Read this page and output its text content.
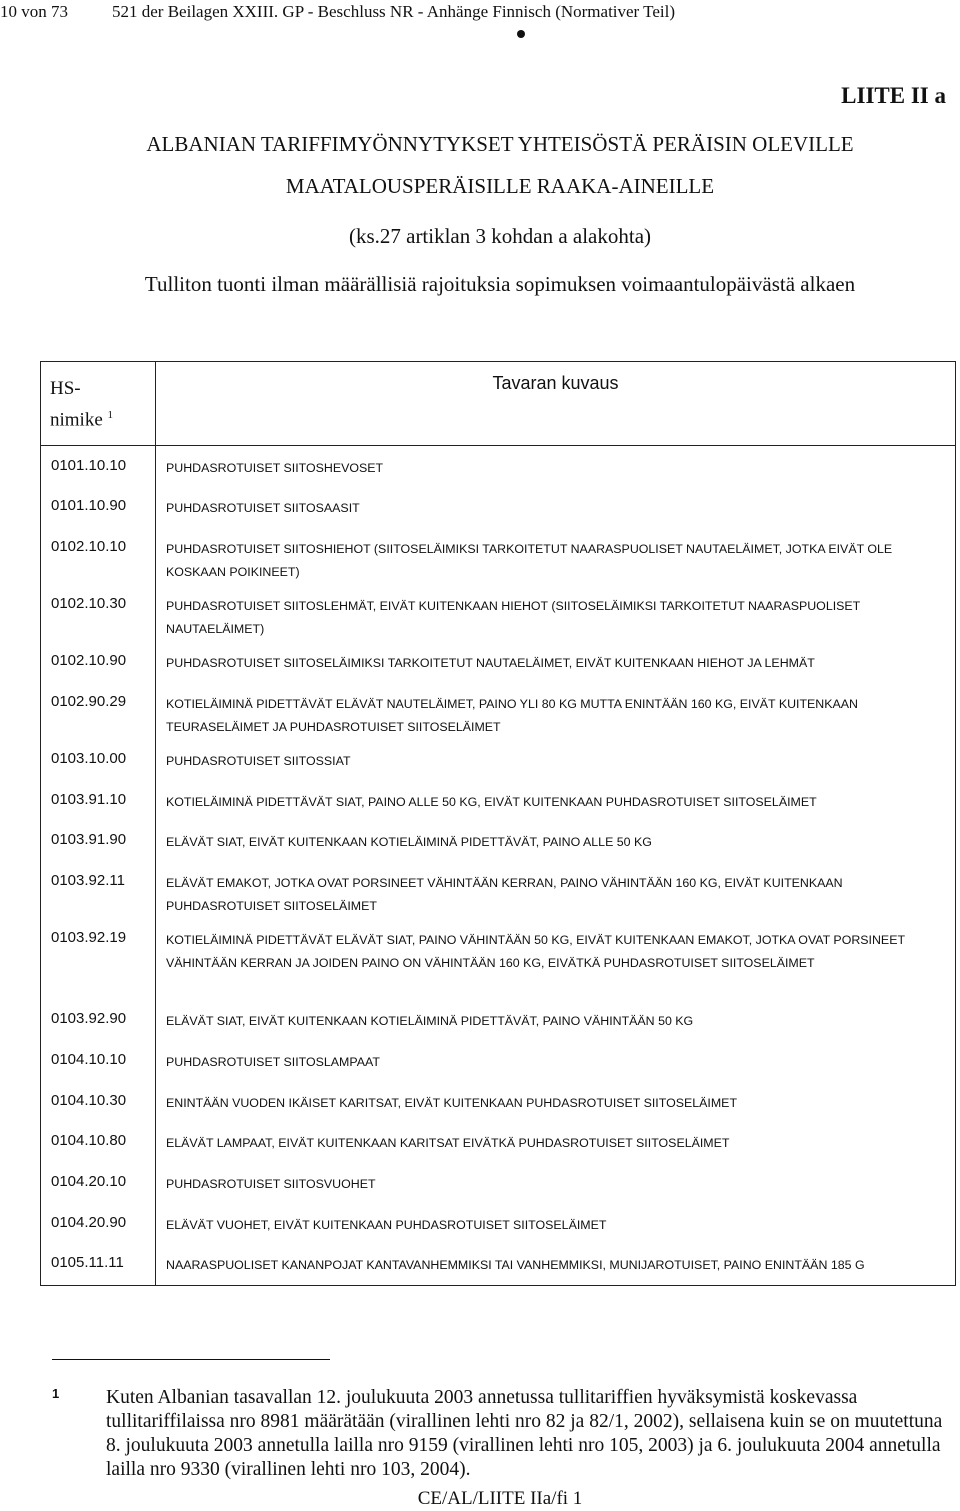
10 von 73	521 der Beilagen XXIII. GP - Beschluss NR - Anhänge Finnisch (Normativer Teil)
LIITE II a
ALBANIAN TARIFFIMYÖNNYTYKSET YHTEISÖSTÄ PERÄISIN OLEVILLE
MAATALOUSPERÄISILLE RAAKA-AINEILLE
(ks.27 artiklan 3 kohdan a alakohta)
Tulliton tuonti ilman määrällisiä rajoituksia sopimuksen voimaantulopäivästä alkaen
HS-
nimike $^1$
Tavaran kuvaus
0101.10.10	PUHDASROTUISET SIITOSHEVOSET
0101.10.90	PUHDASROTUISET SIITOSAASIT
0102.10.10	PUHDASROTUISET SIITOSHIEHOT (SIITOSELÄIMIKSI TARKOITETUT NAARASPUOLISET NAUTAELÄIMET, JOTKA EIVÄT OLE KOSKAAN POIKINEET)
0102.10.30	PUHDASROTUISET SIITOSLEHMÄT, EIVÄT KUITENKAAN HIEHOT (SIITOSELÄIMIKSI TARKOITETUT NAARASPUOLISET NAUTAELÄIMET)
0102.10.90	PUHDASROTUISET SIITOSELÄIMIKSI TARKOITETUT NAUTAELÄIMET, EIVÄT KUITENKAAN HIEHOT JA LEHMÄT
0102.90.29	KOTIELÄIMINÄ PIDETTÄVÄT ELÄVÄT NAUTELÄIMET, PAINO YLI 80 KG MUTTA ENINTÄÄN 160 KG, EIVÄT KUITENKAAN TEURASELÄIMET JA PUHDASROTUISET SIITOSELÄIMET
0103.10.00	PUHDASROTUISET SIITOSSIAT
0103.91.10	KOTIELÄIMINÄ PIDETTÄVÄT SIAT, PAINO ALLE 50 KG, EIVÄT KUITENKAAN PUHDASROTUISET SIITOSELÄIMET
0103.91.90	ELÄVÄT SIAT, EIVÄT KUITENKAAN KOTIELÄIMINÄ PIDETTÄVÄT, PAINO ALLE 50 KG
0103.92.11	ELÄVÄT EMAKOT, JOTKA OVAT PORSINEET VÄHINTÄÄN KERRAN, PAINO VÄHINTÄÄN 160 KG, EIVÄT KUITENKAAN PUHDASROTUISET SIITOSELÄIMET
0103.92.19	KOTIELÄIMINÄ PIDETTÄVÄT ELÄVÄT SIAT, PAINO VÄHINTÄÄN 50 KG, EIVÄT KUITENKAAN EMAKOT, JOTKA OVAT PORSINEET VÄHINTÄÄN KERRAN JA JOIDEN PAINO ON VÄHINTÄÄN 160 KG, EIVÄTKÄ PUHDASROTUISET SIITOSELÄIMET
0103.92.90	ELÄVÄT SIAT, EIVÄT KUITENKAAN KOTIELÄIMINÄ PIDETTÄVÄT, PAINO VÄHINTÄÄN 50 KG
0104.10.10	PUHDASROTUISET SIITOSLAMPAAT
0104.10.30	ENINTÄÄN VUODEN IKÄISET KARITSAT, EIVÄT KUITENKAAN PUHDASROTUISET SIITOSELÄIMET
0104.10.80	ELÄVÄT LAMPAAT, EIVÄT KUITENKAAN KARITSAT EIVÄTKÄ PUHDASROTUISET SIITOSELÄIMET
0104.20.10	PUHDASROTUISET SIITOSVUOHET
0104.20.90	ELÄVÄT VUOHET, EIVÄT KUITENKAAN PUHDASROTUISET SIITOSELÄIMET
0105.11.11	NAARASPUOLISET KANANPOJAT KANTAVANHEMMIKSI TAI VANHEMMIKSI, MUNIJAROTUISET, PAINO ENINTÄÄN 185 G
1 Kuten Albanian tasavallan 12. joulukuuta 2003 annetussa tullitariffien hyväksymistä koskevassa tullitariffilaissa nro 8981 määrätään (virallinen lehti nro 82 ja 82/1, 2002), sellaisena kuin se on muutettuna 8. joulukuuta 2003 annetulla lailla nro 9159 (virallinen lehti nro 105, 2003) ja 6. joulukuuta 2004 annetulla lailla nro 9330 (virallinen lehti nro 103, 2004).
CE/AL/LIITE IIa/fi 1
